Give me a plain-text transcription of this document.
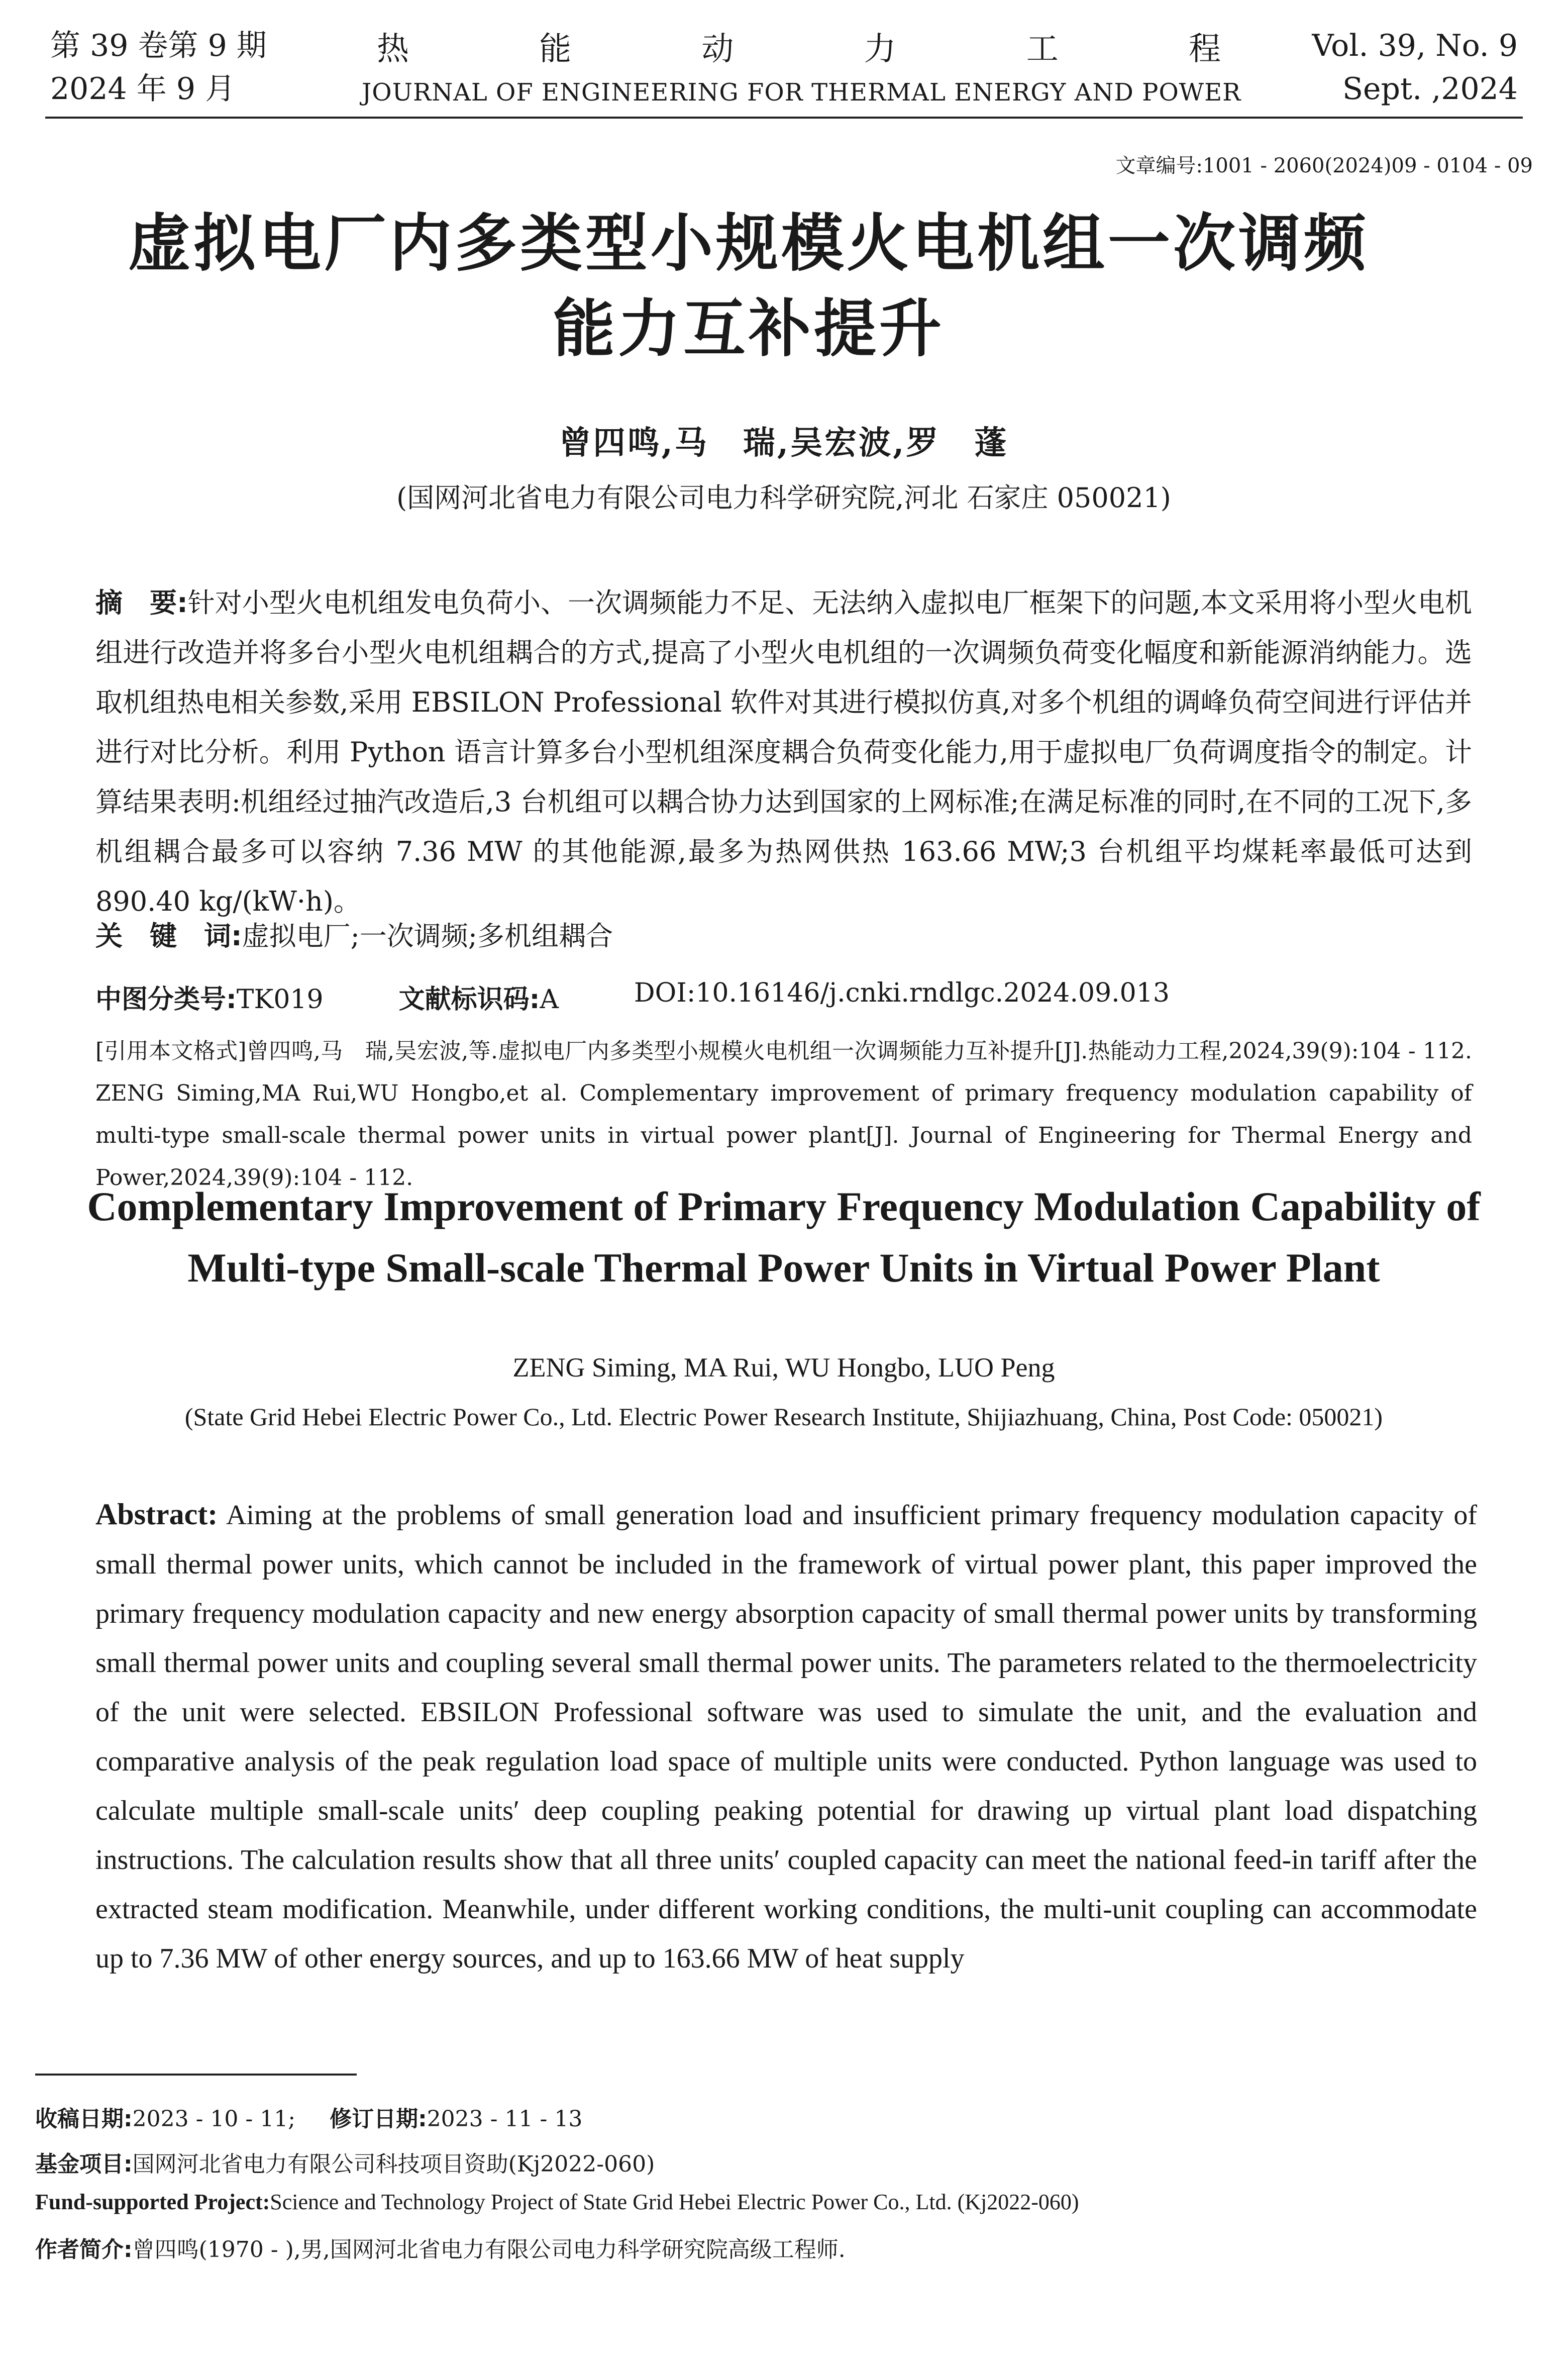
第 39 卷第 9 期
2024 年 9 月
热	能	动	力	工	程
JOURNAL OF ENGINEERING FOR THERMAL ENERGY AND POWER
Vol. 39, No. 9
Sept. ,2024
文章编号:1001 - 2060(2024)09 - 0104 - 09
虚拟电厂内多类型小规模火电机组一次调频
能力互补提升
曾四鸣,马　瑞,吴宏波,罗　蓬
(国网河北省电力有限公司电力科学研究院,河北 石家庄 050021)
摘　要:针对小型火电机组发电负荷小、一次调频能力不足、无法纳入虚拟电厂框架下的问题,本文采用将小型火电机组进行改造并将多台小型火电机组耦合的方式,提高了小型火电机组的一次调频负荷变化幅度和新能源消纳能力。选取机组热电相关参数,采用 EBSILON Professional 软件对其进行模拟仿真,对多个机组的调峰负荷空间进行评估并进行对比分析。利用 Python 语言计算多台小型机组深度耦合负荷变化能力,用于虚拟电厂负荷调度指令的制定。计算结果表明:机组经过抽汽改造后,3 台机组可以耦合协力达到国家的上网标准;在满足标准的同时,在不同的工况下,多机组耦合最多可以容纳 7.36 MW 的其他能源,最多为热网供热 163.66 MW;3 台机组平均煤耗率最低可达到 890.40 kg/(kW·h)。
关　键　词:虚拟电厂;一次调频;多机组耦合
中图分类号:TK019	文献标识码:A	DOI:10.16146/j.cnki.rndlgc.2024.09.013
[引用本文格式]曾四鸣,马　瑞,吴宏波,等.虚拟电厂内多类型小规模火电机组一次调频能力互补提升[J].热能动力工程,2024,39(9):104 - 112. ZENG Siming,MA Rui,WU Hongbo,et al. Complementary improvement of primary frequency modulation capability of multi-type small-scale thermal power units in virtual power plant[J]. Journal of Engineering for Thermal Energy and Power,2024,39(9):104 - 112.
Complementary Improvement of Primary Frequency Modulation Capability of
Multi-type Small-scale Thermal Power Units in Virtual Power Plant
ZENG Siming, MA Rui, WU Hongbo, LUO Peng
(State Grid Hebei Electric Power Co., Ltd. Electric Power Research Institute, Shijiazhuang, China, Post Code: 050021)
Abstract: Aiming at the problems of small generation load and insufficient primary frequency modulation capacity of small thermal power units, which cannot be included in the framework of virtual power plant, this paper improved the primary frequency modulation capacity and new energy absorption capacity of small thermal power units by transforming small thermal power units and coupling several small thermal power units. The parameters related to the thermoelectricity of the unit were selected. EBSILON Professional software was used to simulate the unit, and the evaluation and comparative analysis of the peak regulation load space of multiple units were conducted. Python language was used to calculate multiple small-scale units′ deep coupling peaking potential for drawing up virtual plant load dispatching instructions. The calculation results show that all three units′ coupled capacity can meet the national feed-in tariff after the extracted steam modification. Meanwhile, under different working conditions, the multi-unit coupling can accommodate up to 7.36 MW of other energy sources, and up to 163.66 MW of heat supply
收稿日期:2023 - 10 - 11; 修订日期:2023 - 11 - 13
基金项目:国网河北省电力有限公司科技项目资助(Kj2022-060)
Fund-supported Project:Science and Technology Project of State Grid Hebei Electric Power Co., Ltd. (Kj2022-060)
作者简介:曾四鸣(1970 - ),男,国网河北省电力有限公司电力科学研究院高级工程师.
